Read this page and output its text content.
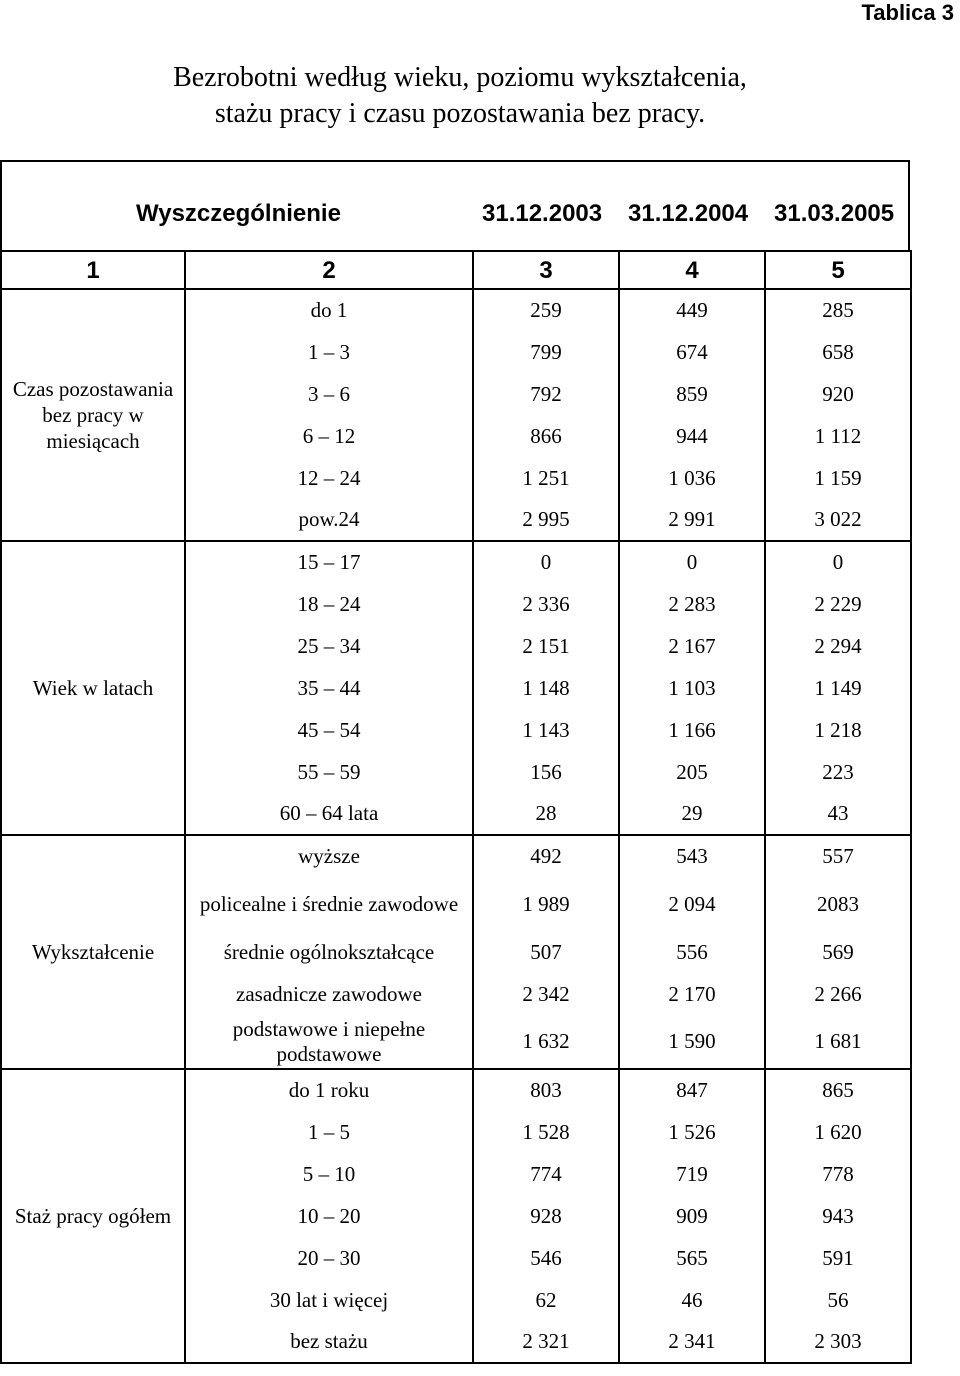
Tablica 3
Bezrobotni według wieku, poziomu wykształcenia,
stażu pracy i czasu pozostawania bez pracy.
Wyszczególnienie	31.12.2003 31.12.2004 31.03.2005
1	2	3	4	5
Czas pozostawania bez pracy w miesiącach	do 1	259	449	285
	1 – 3	799	674	658
	3 – 6	792	859	920
	6 – 12	866	944	1 112
	12 – 24	1 251	1 036	1 159
	pow.24	2 995	2 991	3 022
Wiek w latach	15 – 17	0	0	0
	18 – 24	2 336	2 283	2 229
	25 – 34	2 151	2 167	2 294
	35 – 44	1 148	1 103	1 149
	45 – 54	1 143	1 166	1 218
	55 – 59	156	205	223
	60 – 64 lata	28	29	43
Wykształcenie	wyższe	492	543	557
	policealne i średnie zawodowe	1 989	2 094	2083
	średnie ogólnokształcące	507	556	569
	zasadnicze zawodowe	2 342	2 170	2 266
	podstawowe i niepełne podstawowe	1 632	1 590	1 681
Staż pracy ogółem	do 1 roku	803	847	865
	1 – 5	1 528	1 526	1 620
	5 – 10	774	719	778
	10 – 20	928	909	943
	20 – 30	546	565	591
	30 lat i więcej	62	46	56
	bez stażu	2 321	2 341	2 303
